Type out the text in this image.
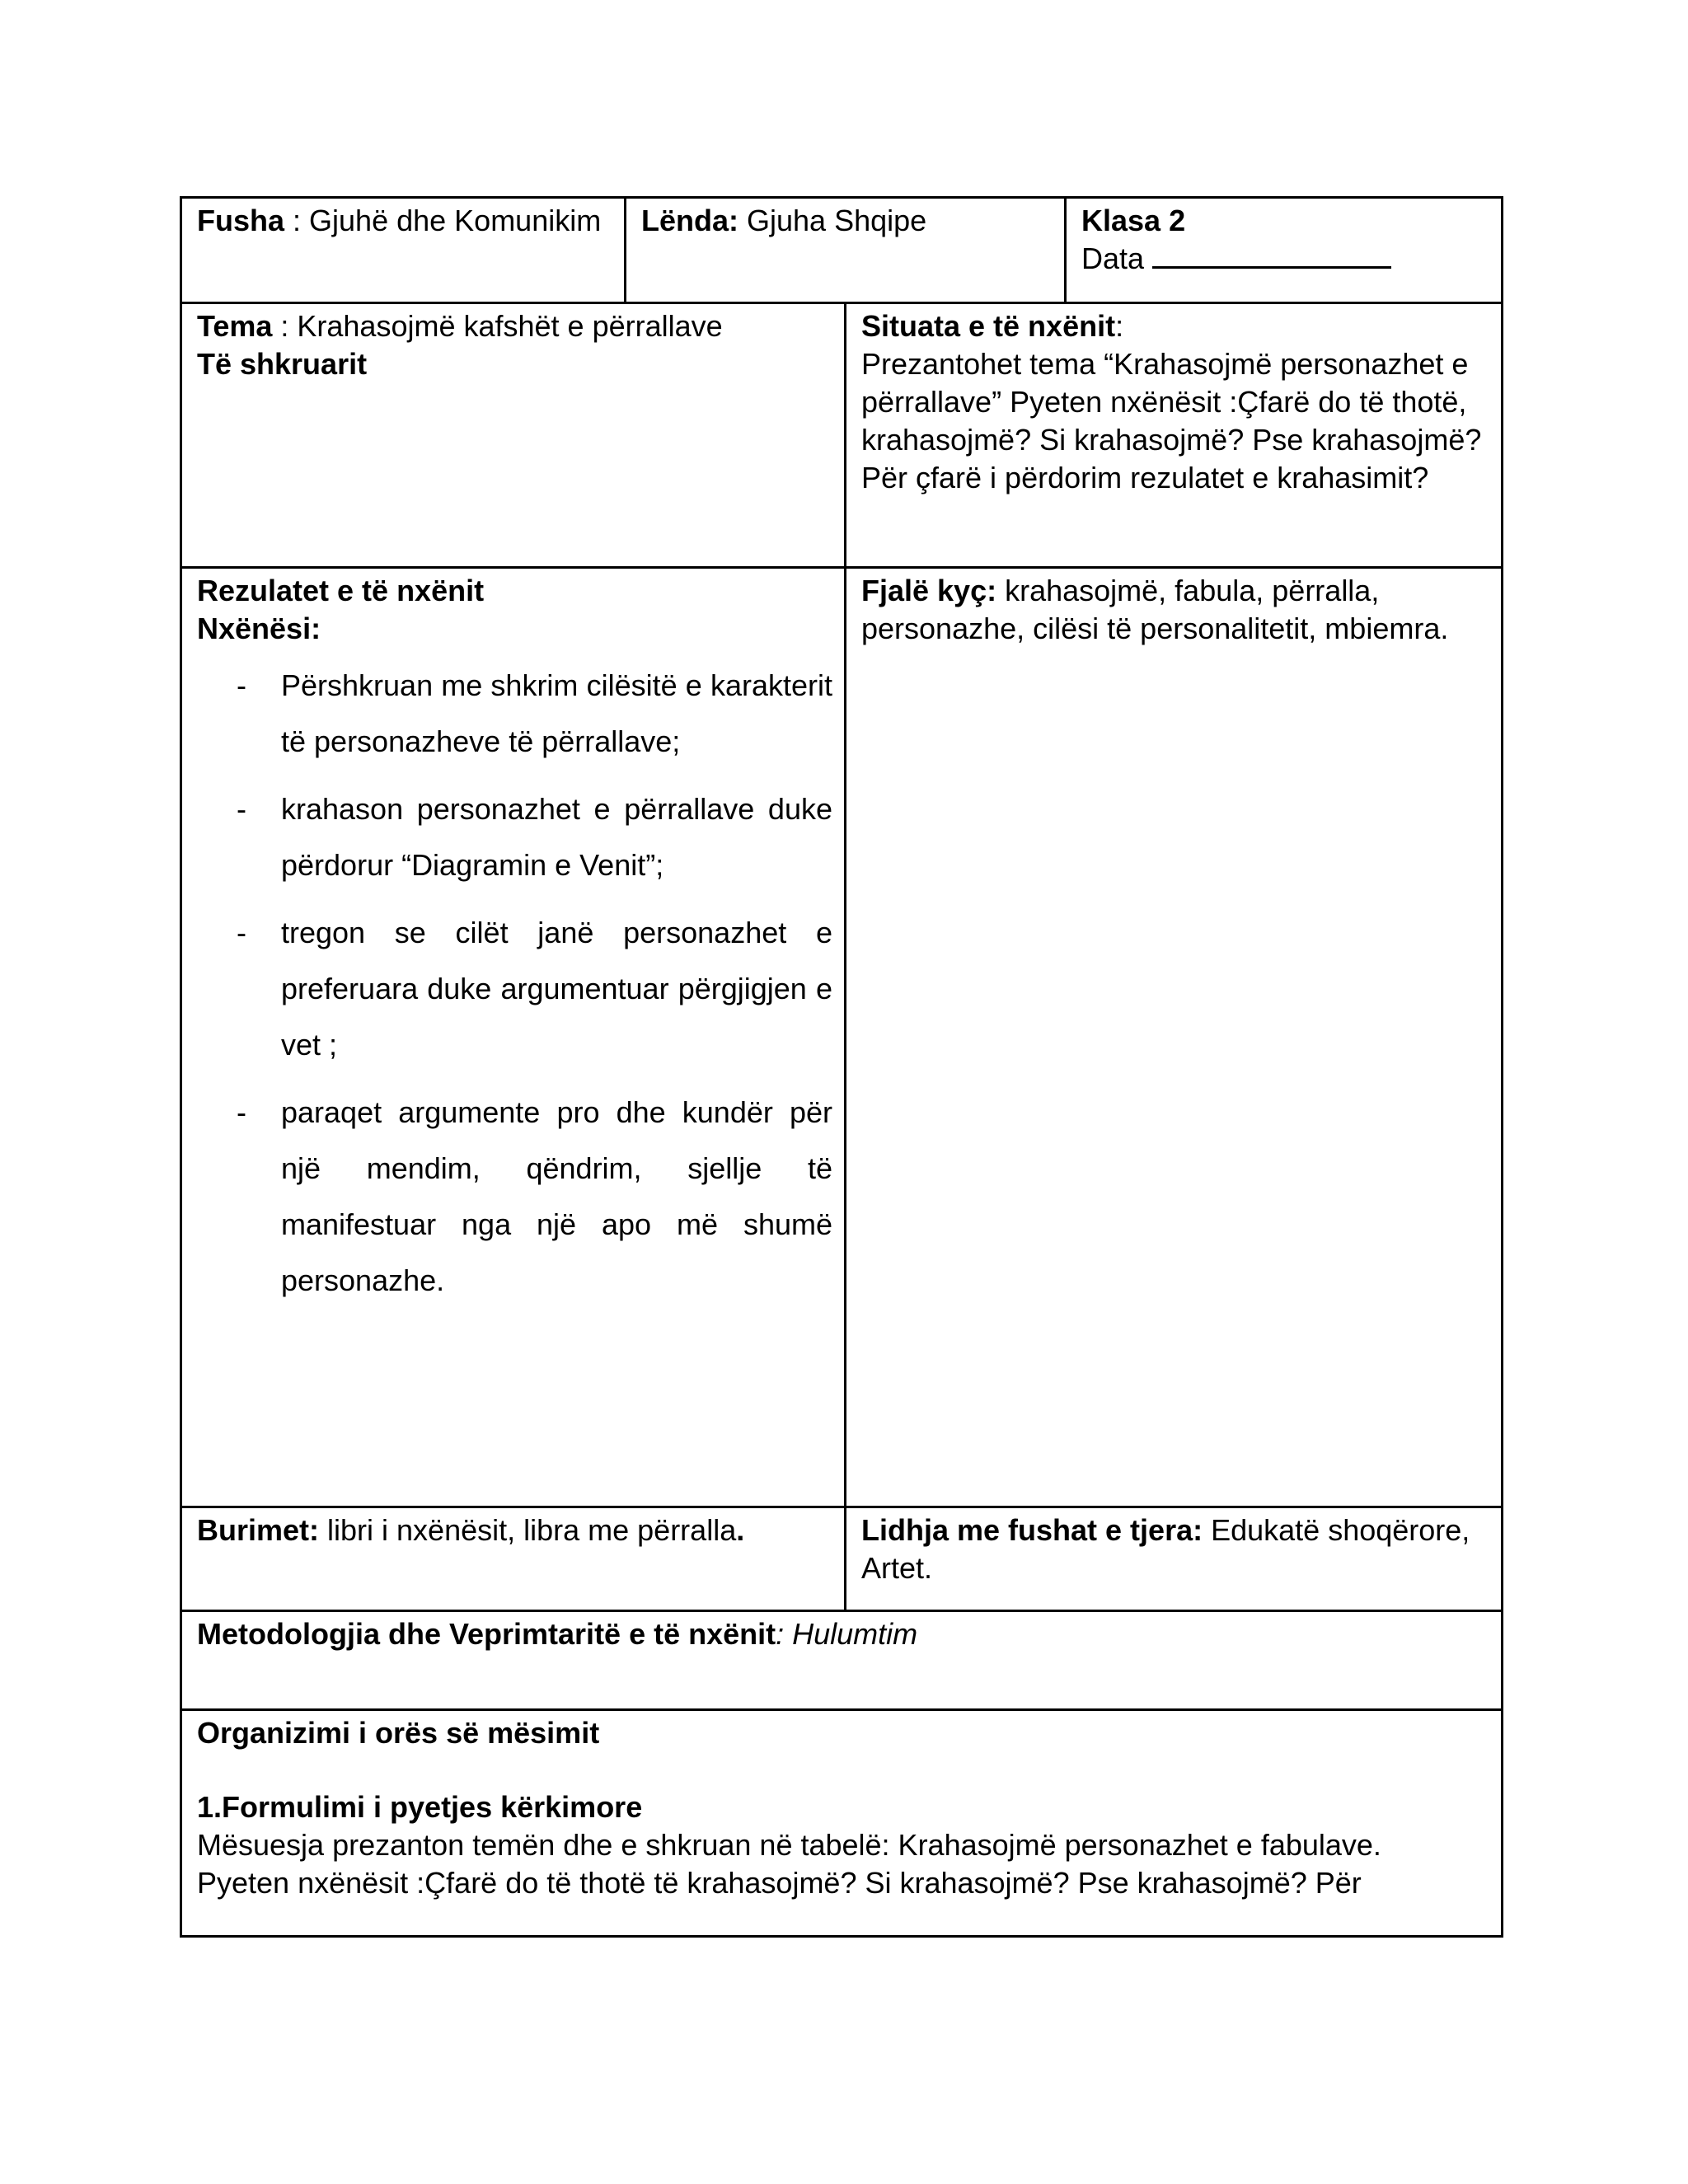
Fusha : Gjuhë dhe Komunikim	Lënda: Gjuha Shqipe	Klasa 2
Data
Tema : Krahasojmë kafshët e përrallave
Të shkruarit
Situata e të nxënit:
Prezantohet tema “Krahasojmë personazhet e përrallave” Pyeten nxënësit :Çfarë do të thotë, krahasojmë? Si krahasojmë? Pse krahasojmë? Për çfarë i përdorim rezulatet e krahasimit?
Rezulatet e të nxënit
Nxënësi:
- Përshkruan me shkrim cilësitë e karakterit të personazheve të përrallave;
- krahason personazhet e përrallave duke përdorur “Diagramin e Venit”;
- tregon se cilët janë personazhet e preferuara duke argumentuar përgjigjen e vet ;
- paraqet argumente pro dhe kundër për një mendim, qëndrim, sjellje të manifestuar nga një apo më shumë personazhe.
Fjalë kyç: krahasojmë, fabula, përralla, personazhe, cilësi të personalitetit, mbiemra.
Burimet: libri i nxënësit, libra me përralla.	Lidhja me fushat e tjera: Edukatë shoqërore, Artet.
Metodologjia dhe Veprimtaritë e të nxënit: Hulumtim
Organizimi i orës së mësimit
1.Formulimi i pyetjes kërkimore
Mësuesja prezanton temën dhe e shkruan në tabelë: Krahasojmë personazhet e fabulave.
Pyeten nxënësit :Çfarë do të thotë të krahasojmë? Si krahasojmë? Pse krahasojmë? Për
